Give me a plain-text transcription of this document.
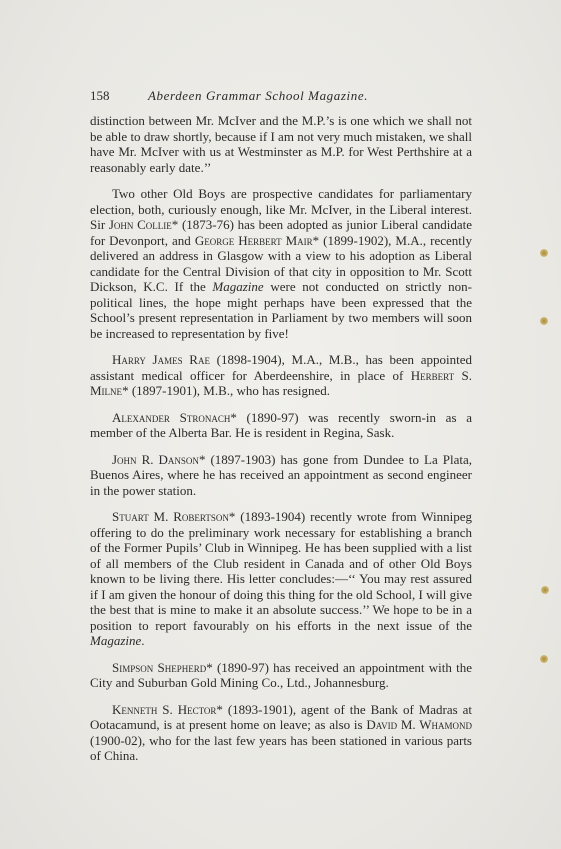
158	Aberdeen Grammar School Magazine.

distinction between Mr. McIver and the M.P.’s is one which we shall not be able to draw shortly, because if I am not very much mistaken, we shall have Mr. McIver with us at Westminster as M.P. for West Perthshire at a reasonably early date.’’

Two other Old Boys are prospective candidates for parliamentary election, both, curiously enough, like Mr. McIver, in the Liberal interest. Sir John Collie* (1873-76) has been adopted as junior Liberal candidate for Devonport, and George Herbert Mair* (1899-1902), M.A., recently delivered an address in Glasgow with a view to his adoption as Liberal candidate for the Central Division of that city in opposition to Mr. Scott Dickson, K.C. If the Magazine were not conducted on strictly non-political lines, the hope might perhaps have been expressed that the School’s present representation in Parliament by two members will soon be increased to representation by five!

Harry James Rae (1898-1904), M.A., M.B., has been appointed assistant medical officer for Aberdeenshire, in place of Herbert S. Milne* (1897-1901), M.B., who has resigned.

Alexander Stronach* (1890-97) was recently sworn-in as a member of the Alberta Bar. He is resident in Regina, Sask.

John R. Danson* (1897-1903) has gone from Dundee to La Plata, Buenos Aires, where he has received an appointment as second engineer in the power station.

Stuart M. Robertson* (1893-1904) recently wrote from Winnipeg offering to do the preliminary work necessary for establishing a branch of the Former Pupils’ Club in Winnipeg. He has been supplied with a list of all members of the Club resident in Canada and of other Old Boys known to be living there. His letter concludes:—‘‘ You may rest assured if I am given the honour of doing this thing for the old School, I will give the best that is mine to make it an absolute success.’’ We hope to be in a position to report favourably on his efforts in the next issue of the Magazine.

Simpson Shepherd* (1890-97) has received an appointment with the City and Suburban Gold Mining Co., Ltd., Johannesburg.

Kenneth S. Hector* (1893-1901), agent of the Bank of Madras at Ootacamund, is at present home on leave; as also is David M. Whamond (1900-02), who for the last few years has been stationed in various parts of China.
